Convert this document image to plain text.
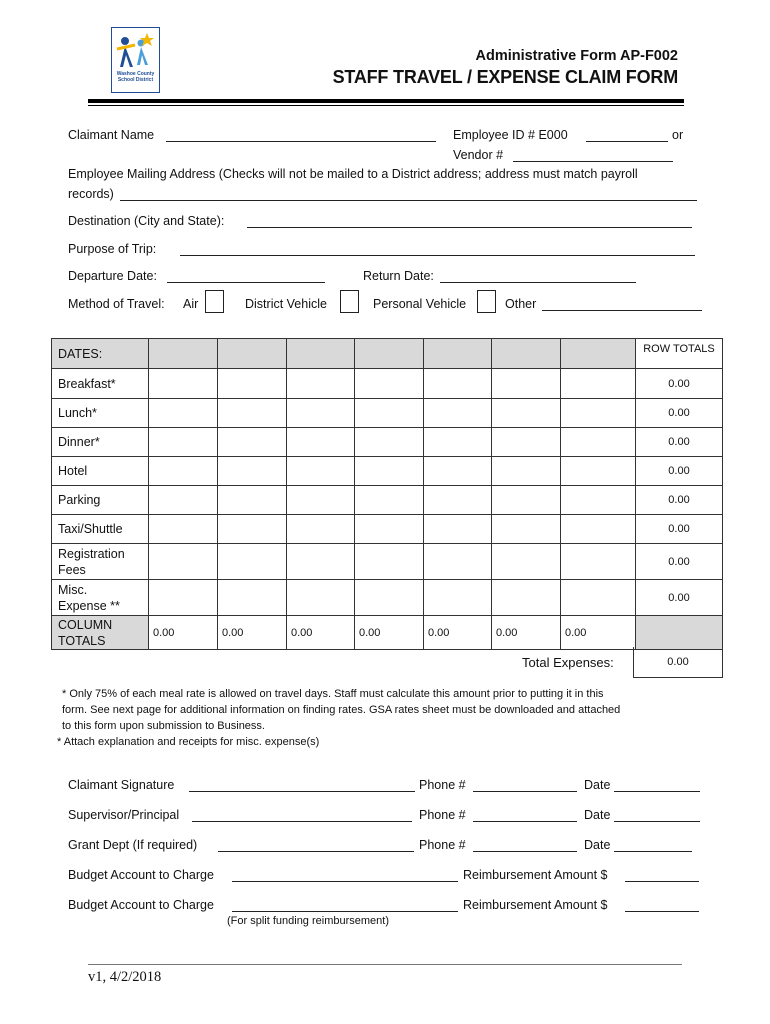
Washoe County School District
Administrative Form AP-F002
STAFF TRAVEL / EXPENSE CLAIM FORM
Claimant Name	Employee ID # E000	or
Vendor #
Employee Mailing Address (Checks will not be mailed to a District address; address must match payroll
records)
Destination (City and State):
Purpose of Trip:
Departure Date:	Return Date:
Method of Travel: Air	District Vehicle	Personal Vehicle	Other
DATES:								ROW TOTALS
Breakfast*								0.00
Lunch*								0.00
Dinner*								0.00
Hotel								0.00
Parking								0.00
Taxi/Shuttle								0.00

Registration
Fees								0.00

Misc.
Expense **								0.00

COLUMN
TOTALS	0.00	0.00	0.00	0.00	0.00	0.00	0.00	
Total Expenses:	0.00
* Only 75% of each meal rate is allowed on travel days. Staff must calculate this amount prior to putting it in this
form. See next page for additional information on finding rates. GSA rates sheet must be downloaded and attached
to this form upon submission to Business.
* Attach explanation and receipts for misc. expense(s)
Claimant Signature	Phone #	Date
Supervisor/Principal	Phone #	Date
Grant Dept (If required)	Phone #	Date
Budget Account to Charge	Reimbursement Amount $
Budget Account to Charge	Reimbursement Amount $
(For split funding reimbursement)
v1, 4/2/2018
